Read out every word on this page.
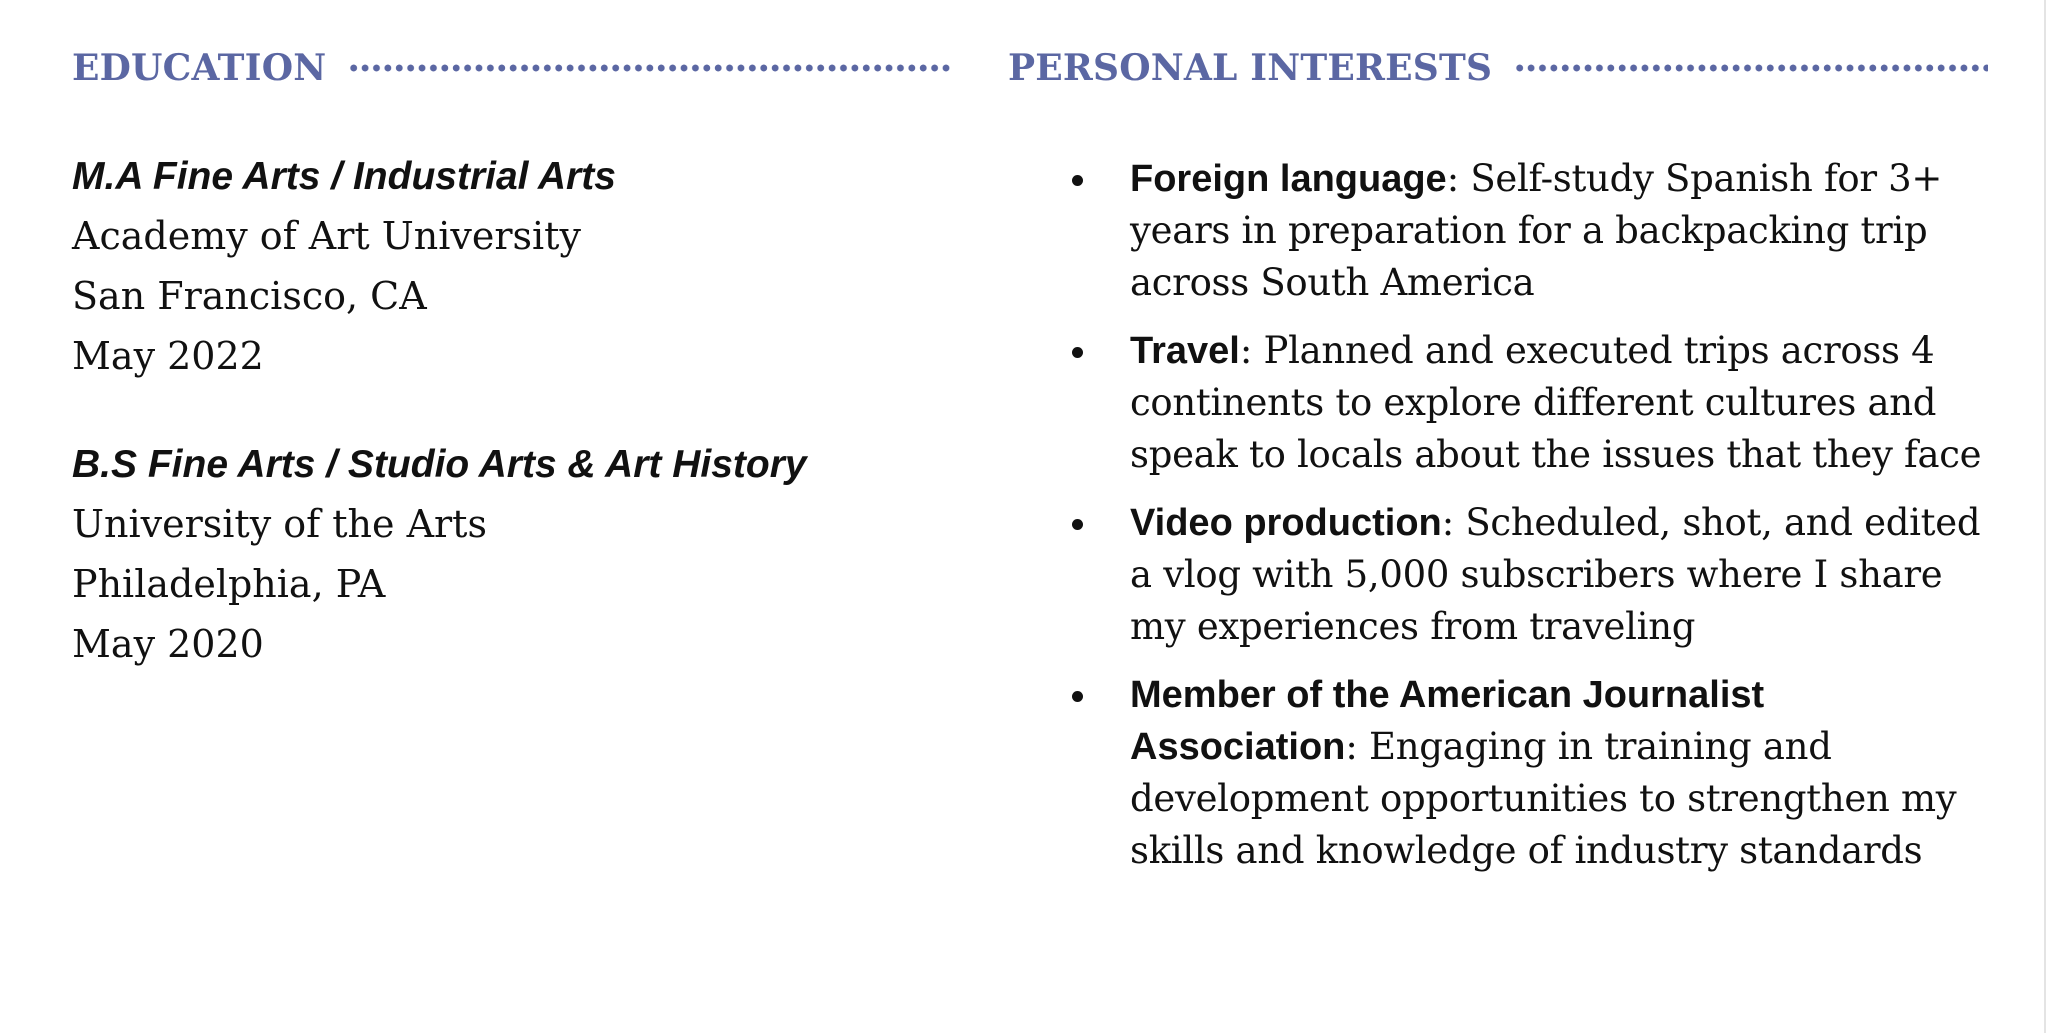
EDUCATION	PERSONAL INTERESTS
M.A Fine Arts / Industrial Arts
Academy of Art University
San Francisco, CA
May 2022
B.S Fine Arts / Studio Arts & Art History
University of the Arts
Philadelphia, PA
May 2020
Foreign language: Self-study Spanish for 3+ years in preparation for a backpacking trip across South America
Travel: Planned and executed trips across 4 continents to explore different cultures and speak to locals about the issues that they face
Video production: Scheduled, shot, and edited a vlog with 5,000 subscribers where I share my experiences from traveling
Member of the American Journalist Association: Engaging in training and development opportunities to strengthen my skills and knowledge of industry standards
